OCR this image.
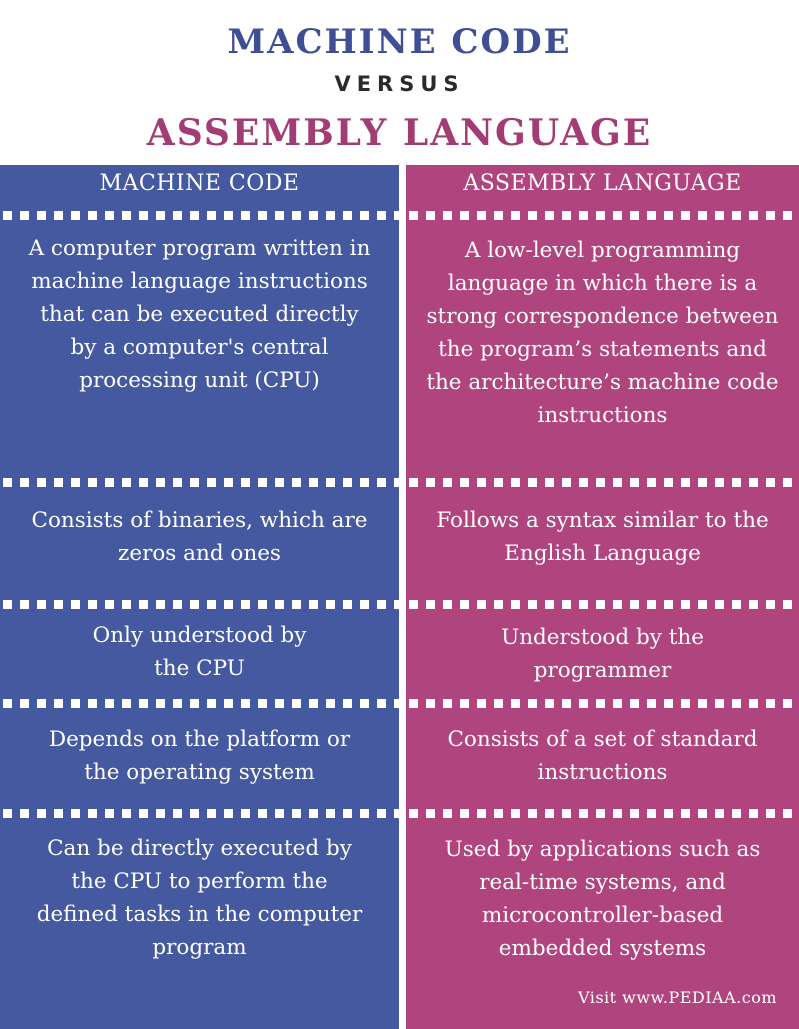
MACHINE CODE
VERSUS
ASSEMBLY LANGUAGE
MACHINE CODE
A computer program written in machine language instructions that can be executed directly by a computer's central processing unit (CPU)
Consists of binaries, which are zeros and ones
Only understood by the CPU
Depends on the platform or the operating system
Can be directly executed by the CPU to perform the defined tasks in the computer program
ASSEMBLY LANGUAGE
A low-level programming language in which there is a strong correspondence between the program’s statements and the architecture’s machine code instructions
Follows a syntax similar to the English Language
Understood by the programmer
Consists of a set of standard instructions
Used by applications such as real-time systems, and microcontroller-based embedded systems
Visit www.PEDIAA.com
